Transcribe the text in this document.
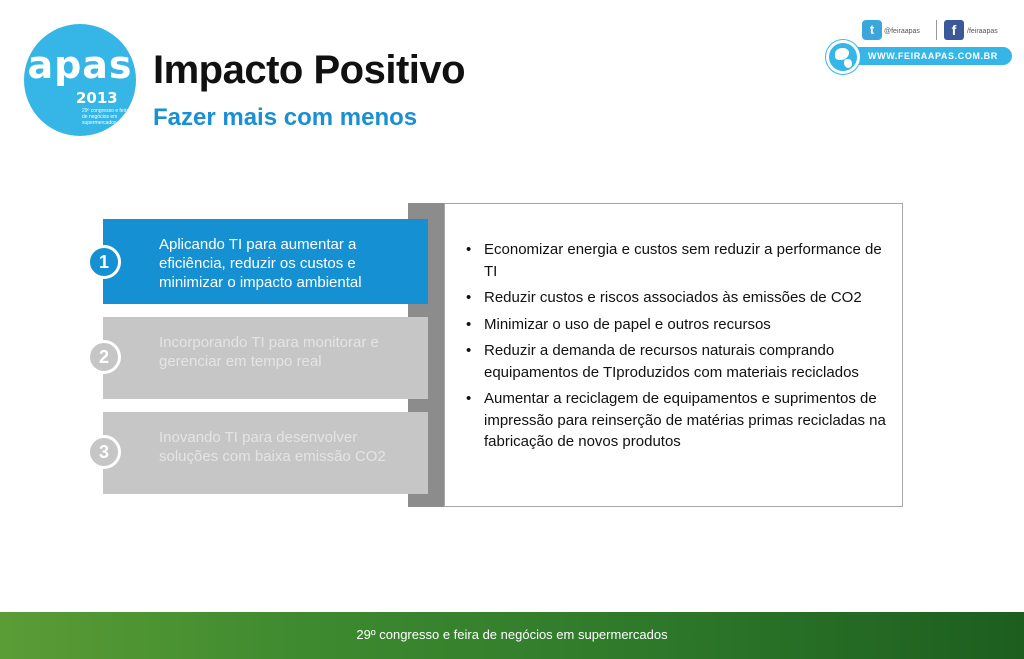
apas
2013
29º congresso e feira de negócios em supermercados
Impacto Positivo
Fazer mais com menos
t	@feiraapas	f	/feiraapas
WWW.FEIRAAPAS.COM.BR
• Economizar energia e custos sem reduzir a performance de TI
• Reduzir custos e riscos associados às emissões de CO2
• Minimizar o uso de papel e outros recursos
• Reduzir a demanda de recursos naturais comprando equipamentos de TIproduzidos com materiais reciclados
• Aumentar a reciclagem de equipamentos e suprimentos de impressão para reinserção de matérias primas recicladas na fabricação de novos produtos
Aplicando TI para aumentar a eficiência, reduzir os custos e minimizar o impacto ambiental
Incorporando TI para monitorar e gerenciar em tempo real
Inovando TI para desenvolver soluções com baixa emissão CO2
1
2
3
29º congresso e feira de negócios em supermercados
